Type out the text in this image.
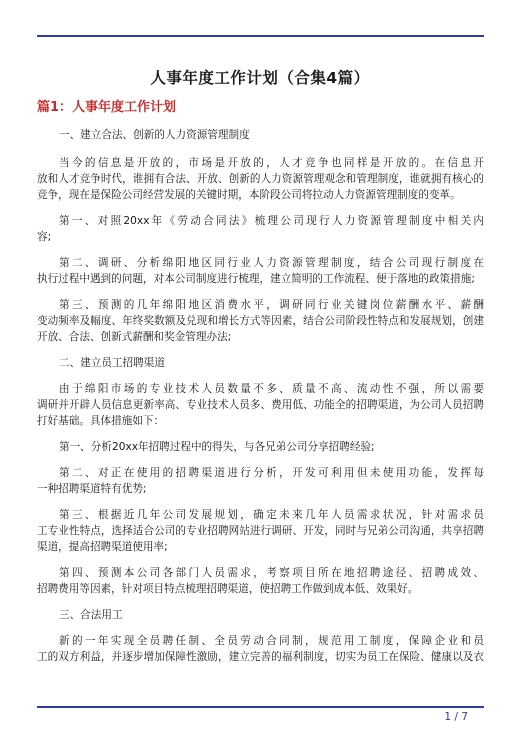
人事年度工作计划（合集4篇）
篇1：人事年度工作计划
一、建立合法、创新的人力资源管理制度
当今的信息是开放的，市场是开放的，人才竞争也同样是开放的。在信息开
放和人才竞争时代，谁拥有合法、开放、创新的人力资源管理观念和管理制度，谁就拥有核心的
竞争，现在是保险公司经营发展的关键时期，本阶段公司将拉动人力资源管理制度的变革。
第一、对照20xx年《劳动合同法》梳理公司现行人力资源管理制度中相关内
容;
第二、调研、分析绵阳地区同行业人力资源管理制度，结合公司现行制度在
执行过程中遇到的问题，对本公司制度进行梳理，建立简明的工作流程、便于落地的政策措施;
第三、预测的几年绵阳地区消费水平，调研同行业关键岗位薪酬水平、薪酬
变动频率及幅度、年终奖数额及兑现和增长方式等因素，结合公司阶段性特点和发展规划，创建
开放、合法、创新式薪酬和奖金管理办法;
二、建立员工招聘渠道
由于绵阳市场的专业技术人员数量不多、质量不高、流动性不强，所以需要
调研并开辟人员信息更新率高、专业技术人员多、费用低、功能全的招聘渠道，为公司人员招聘
打好基础。具体措施如下：
第一、分析20xx年招聘过程中的得失，与各兄弟公司分享招聘经验;
第二、对正在使用的招聘渠道进行分析，开发可利用但未使用功能，发挥每
一种招聘渠道特有优势;
第三、根据近几年公司发展规划，确定未来几年人员需求状况，针对需求员
工专业性特点，选择适合公司的专业招聘网站进行调研、开发，同时与兄弟公司沟通，共享招聘
渠道，提高招聘渠道使用率;
第四、预测本公司各部门人员需求，考察项目所在地招聘途径、招聘成效、
招聘费用等因素，针对项目特点梳理招聘渠道，使招聘工作做到成本低、效果好。
三、合法用工
新的一年实现全员聘任制、全员劳动合同制，规范用工制度，保障企业和员
工的双方利益，并逐步增加保障性激励，建立完善的福利制度，切实为员工在保险、健康以及衣
1 / 7
